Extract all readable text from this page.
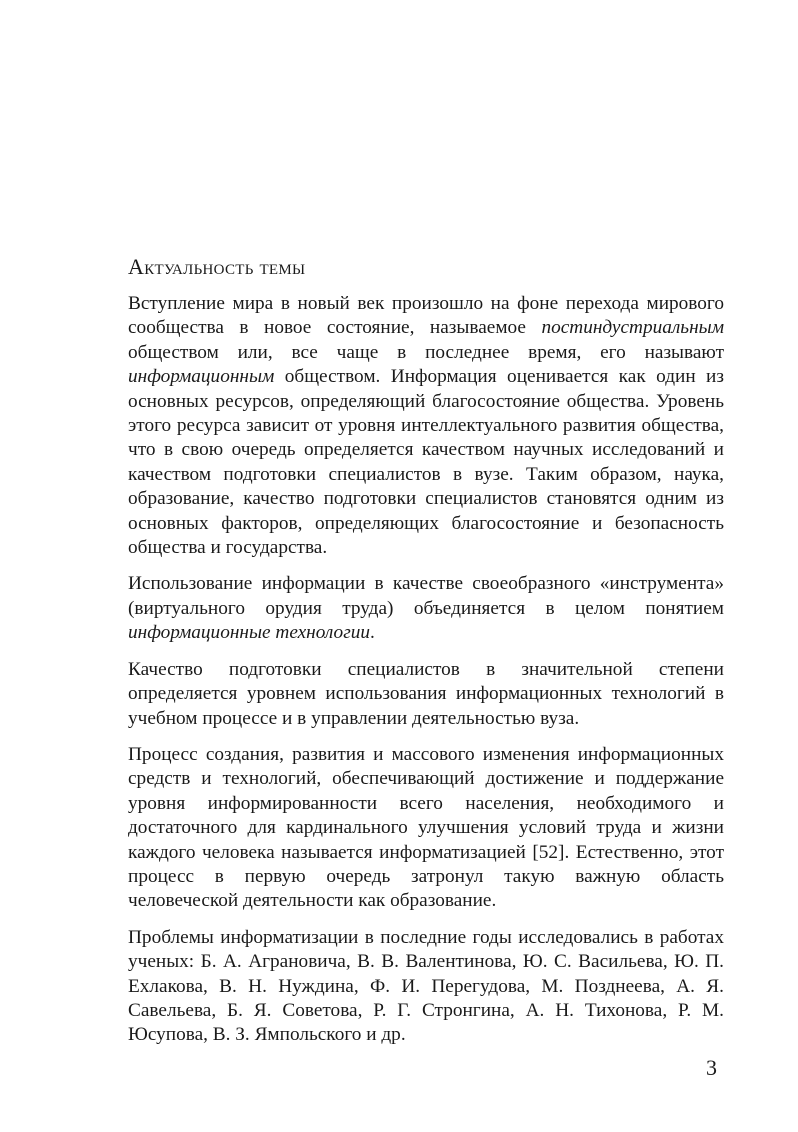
Актуальность темы

Вступление мира в новый век произошло на фоне перехода мирового сообщества в новое состояние, называемое постиндустриальным обществом или, все чаще в последнее время, его называют информационным обществом. Информация оценивается как один из основных ресурсов, определяющий благосостояние общества. Уровень этого ресурса зависит от уровня интеллектуального развития общества, что в свою очередь определяется качеством научных исследований и качеством подготовки специалистов в вузе. Таким образом, наука, образование, качество подготовки специалистов становятся одним из основных факторов, определяющих благосостояние и безопасность общества и государства.

Использование информации в качестве своеобразного «инструмента» (виртуального орудия труда) объединяется в целом понятием информационные технологии.

Качество подготовки специалистов в значительной степени определяется уровнем использования информационных технологий в учебном процессе и в управлении деятельностью вуза.

Процесс создания, развития и массового изменения информационных средств и технологий, обеспечивающий достижение и поддержание уровня информированности всего населения, необходимого и достаточного для кардинального улучшения условий труда и жизни каждого человека называется информатизацией [52]. Естественно, этот процесс в первую очередь затронул такую важную область человеческой деятельности как образование.

Проблемы информатизации в последние годы исследовались в работах ученых: Б. А. Аграновича, В. В. Валентинова, Ю. С. Васильева, Ю. П. Ехлакова, В. Н. Нуждина, Ф. И. Перегудова, М. Позднеева, А. Я. Савельева, Б. Я. Советова, Р. Г. Стронгина, А. Н. Тихонова, Р. М. Юсупова, В. З. Ямпольского и др.

3
